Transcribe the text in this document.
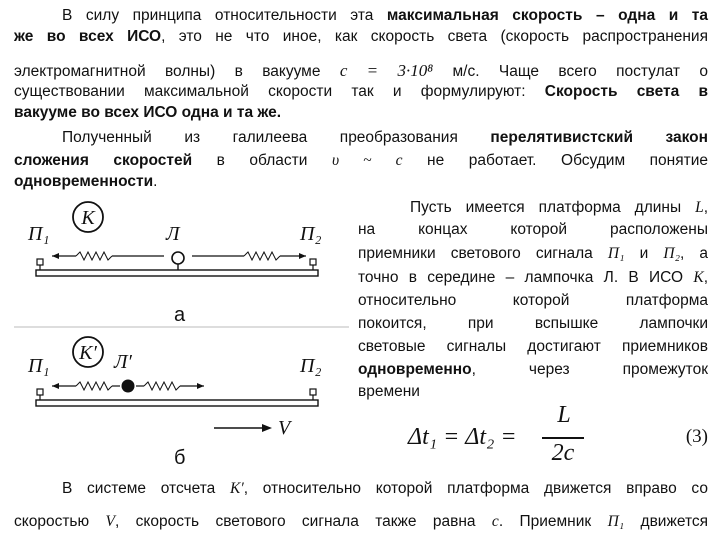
В силу принципа относительности эта максимальная скорость – одна и та
же во всех ИСО, это не что иное, как скорость света (скорость распространения
электромагнитной волны) в вакууме c = 3·10⁸ м/с. Чаще всего постулат о
существовании максимальной скорости так и формулируют: Скорость света в
вакууме во всех ИСО одна и та же.
Полученный из галилеева преобразования перелятивистский закон
сложения скоростей в области υ ~ c не работает. Обсудим понятие
одновременности.
Пусть имеется платформа длины L,
на концах которой расположены
приемники светового сигнала П₁ и П₂, а
точно в середине – лампочка Л. В ИСО K,
относительно которой платформа
покоится, при вспышке лампочки
световые сигналы достигают приемников
одновременно, через промежуток
времени
Δt₁ = Δt₂ =
L
2c
(3)
K
П₁	Л	П₂
а
K′
П₁	Л′	П₂
V
б
В системе отсчета K′, относительно которой платформа движется вправо со
скоростью V, скорость светового сигнала также равна c. Приемник П₁ движется
